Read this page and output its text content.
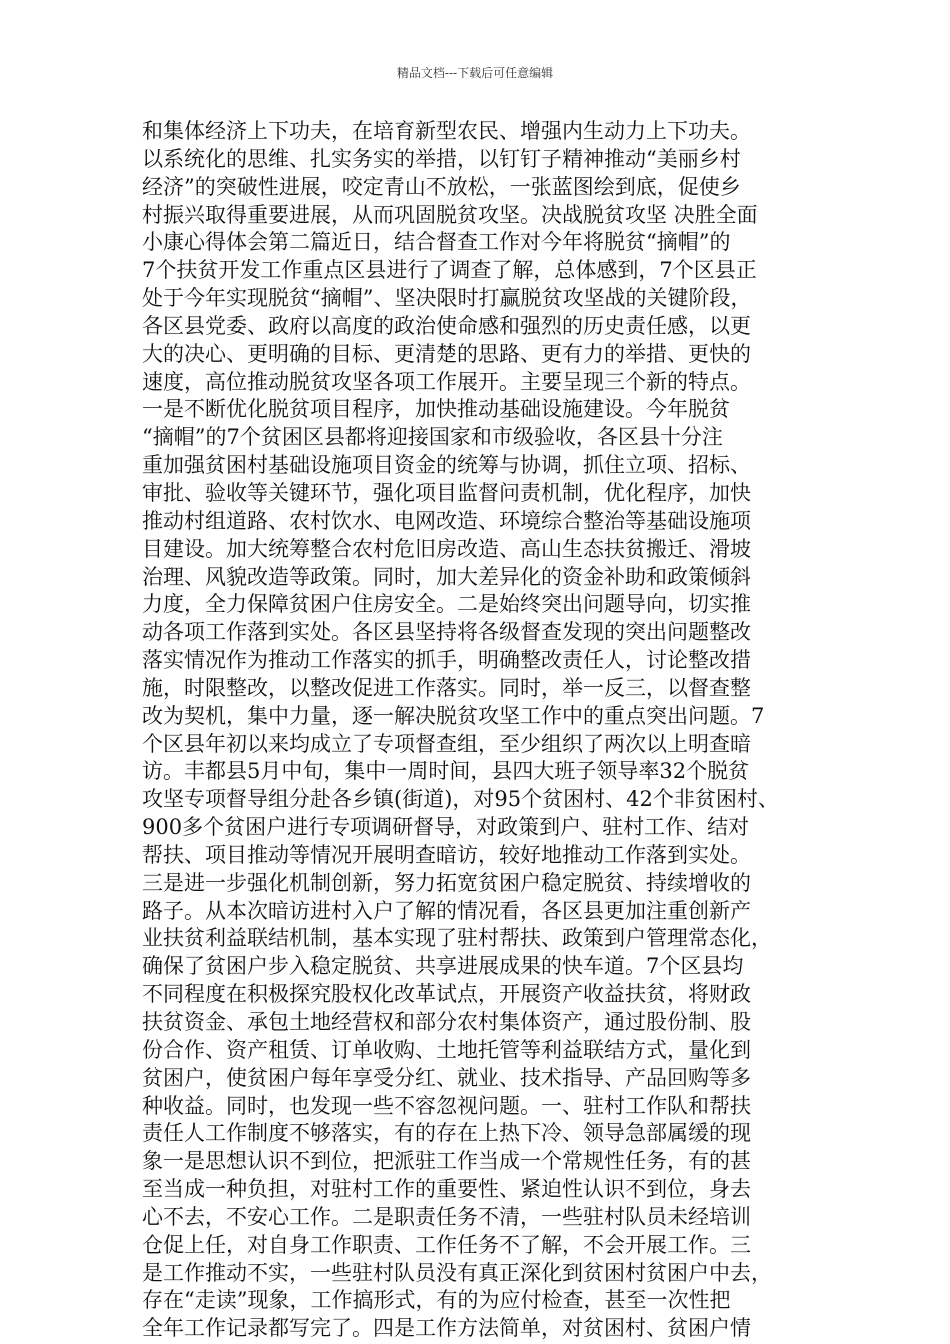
精品文档---下载后可任意编辑
和集体经济上下功夫，在培育新型农民、增强内生动力上下功夫。
以系统化的思维、扎实务实的举措，以钉钉子精神推动“美丽乡村
经济”的突破性进展，咬定青山不放松，一张蓝图绘到底，促使乡
村振兴取得重要进展，从而巩固脱贫攻坚。决战脱贫攻坚 决胜全面
小康心得体会第二篇近日，结合督查工作对今年将脱贫“摘帽”的
7个扶贫开发工作重点区县进行了调查了解，总体感到，7个区县正
处于今年实现脱贫“摘帽”、坚决限时打赢脱贫攻坚战的关键阶段，
各区县党委、政府以高度的政治使命感和强烈的历史责任感，以更
大的决心、更明确的目标、更清楚的思路、更有力的举措、更快的
速度，高位推动脱贫攻坚各项工作展开。主要呈现三个新的特点。
一是不断优化脱贫项目程序，加快推动基础设施建设。今年脱贫
“摘帽”的7个贫困区县都将迎接国家和市级验收，各区县十分注
重加强贫困村基础设施项目资金的统筹与协调，抓住立项、招标、
审批、验收等关键环节，强化项目监督问责机制，优化程序，加快
推动村组道路、农村饮水、电网改造、环境综合整治等基础设施项
目建设。加大统筹整合农村危旧房改造、高山生态扶贫搬迁、滑坡
治理、风貌改造等政策。同时，加大差异化的资金补助和政策倾斜
力度，全力保障贫困户住房安全。二是始终突出问题导向，切实推
动各项工作落到实处。各区县坚持将各级督查发现的突出问题整改
落实情况作为推动工作落实的抓手，明确整改责任人，讨论整改措
施，时限整改，以整改促进工作落实。同时，举一反三，以督查整
改为契机，集中力量，逐一解决脱贫攻坚工作中的重点突出问题。7
个区县年初以来均成立了专项督查组，至少组织了两次以上明查暗
访。丰都县5月中旬，集中一周时间，县四大班子领导率32个脱贫
攻坚专项督导组分赴各乡镇(街道)，对95个贫困村、42个非贫困村、
900多个贫困户进行专项调研督导，对政策到户、驻村工作、结对
帮扶、项目推动等情况开展明查暗访，较好地推动工作落到实处。
三是进一步强化机制创新，努力拓宽贫困户稳定脱贫、持续增收的
路子。从本次暗访进村入户了解的情况看，各区县更加注重创新产
业扶贫利益联结机制，基本实现了驻村帮扶、政策到户管理常态化，
确保了贫困户步入稳定脱贫、共享进展成果的快车道。7个区县均
不同程度在积极探究股权化改革试点，开展资产收益扶贫，将财政
扶贫资金、承包土地经营权和部分农村集体资产，通过股份制、股
份合作、资产租赁、订单收购、土地托管等利益联结方式，量化到
贫困户，使贫困户每年享受分红、就业、技术指导、产品回购等多
种收益。同时，也发现一些不容忽视问题。一、驻村工作队和帮扶
责任人工作制度不够落实，有的存在上热下冷、领导急部属缓的现
象一是思想认识不到位，把派驻工作当成一个常规性任务，有的甚
至当成一种负担，对驻村工作的重要性、紧迫性认识不到位，身去
心不去，不安心工作。二是职责任务不清，一些驻村队员未经培训
仓促上任，对自身工作职责、工作任务不了解，不会开展工作。三
是工作推动不实，一些驻村队员没有真正深化到贫困村贫困户中去，
存在“走读”现象，工作搞形式，有的为应付检查，甚至一次性把
全年工作记录都写完了。四是工作方法简单，对贫困村、贫困户情
